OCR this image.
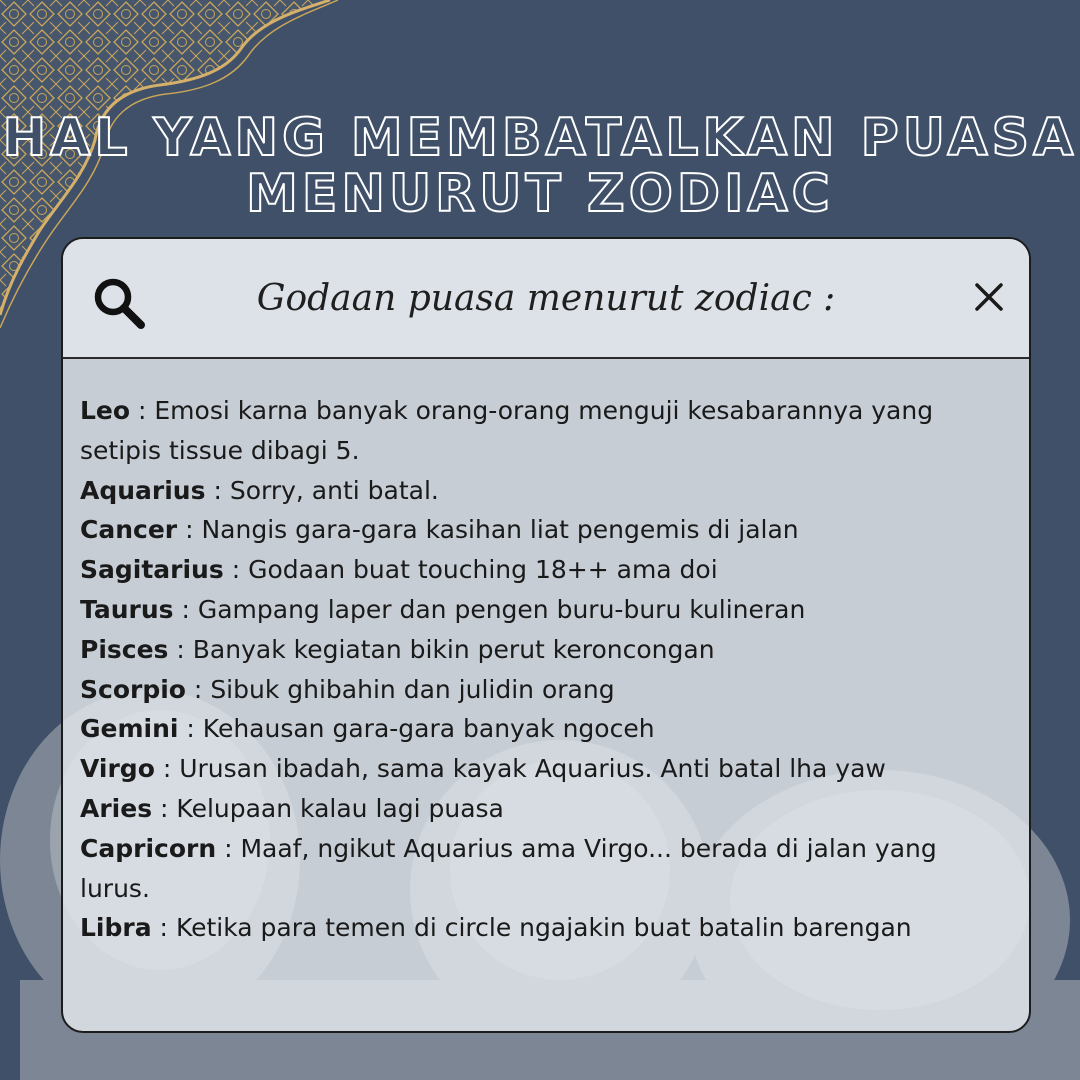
HAL YANG MEMBATALKAN PUASA
MENURUT ZODIAC
Godaan puasa menurut zodiac :

Leo : Emosi karna banyak orang-orang menguji kesabarannya yang setipis tissue dibagi 5.

Aquarius : Sorry, anti batal.

Cancer : Nangis gara-gara kasihan liat pengemis di jalan

Sagitarius : Godaan buat touching 18++ ama doi

Taurus : Gampang laper dan pengen buru-buru kulineran

Pisces : Banyak kegiatan bikin perut keroncongan

Scorpio : Sibuk ghibahin dan julidin orang

Gemini : Kehausan gara-gara banyak ngoceh

Virgo : Urusan ibadah, sama kayak Aquarius. Anti batal lha yaw

Aries : Kelupaan kalau lagi puasa

Capricorn : Maaf, ngikut Aquarius ama Virgo... berada di jalan yang lurus.

Libra : Ketika para temen di circle ngajakin buat batalin barengan
